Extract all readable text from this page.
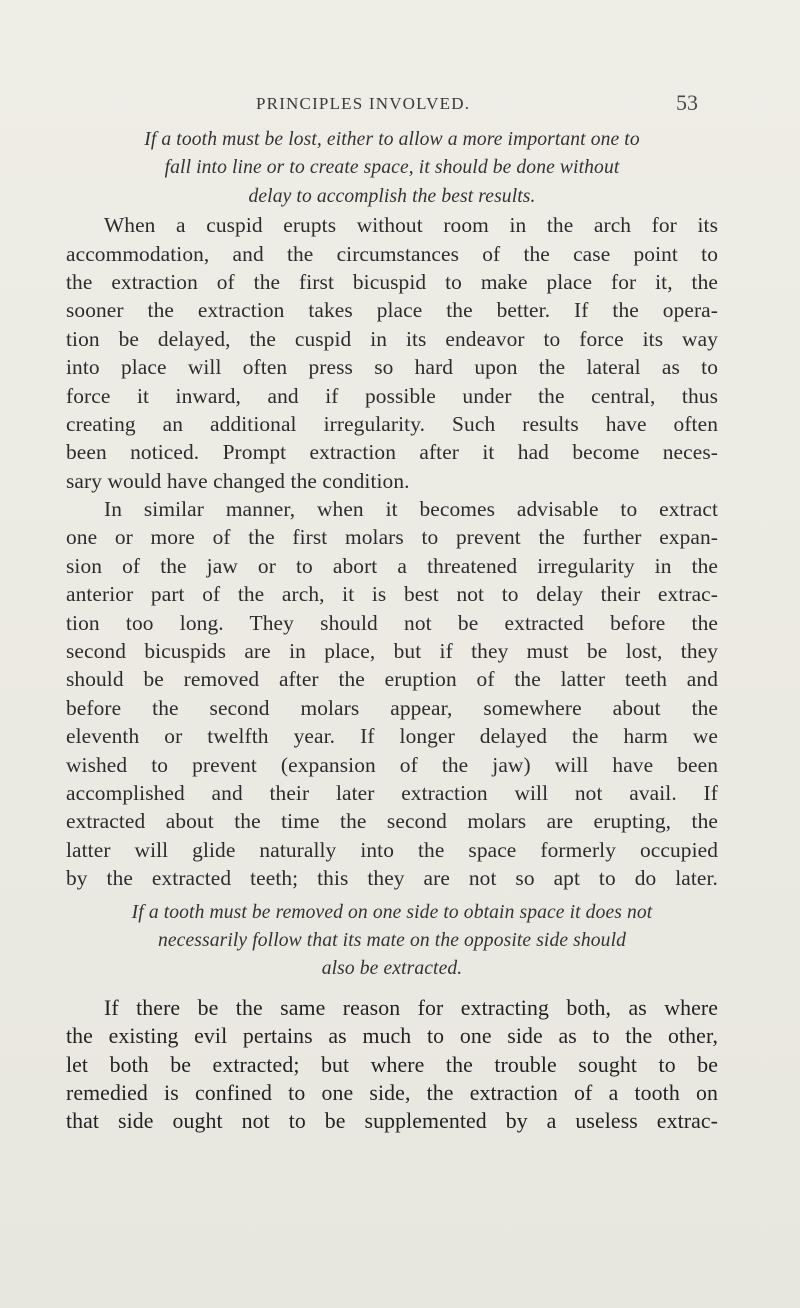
PRINCIPLES INVOLVED.	53
If a tooth must be lost, either to allow a more important one to
fall into line or to create space, it should be done without
delay to accomplish the best results.
When a cuspid erupts without room in the arch for its
accommodation, and the circumstances of the case point to
the extraction of the first bicuspid to make place for it, the
sooner the extraction takes place the better. If the opera-
tion be delayed, the cuspid in its endeavor to force its way
into place will often press so hard upon the lateral as to
force it inward, and if possible under the central, thus
creating an additional irregularity. Such results have often
been noticed. Prompt extraction after it had become neces-
sary would have changed the condition.
In similar manner, when it becomes advisable to extract
one or more of the first molars to prevent the further expan-
sion of the jaw or to abort a threatened irregularity in the
anterior part of the arch, it is best not to delay their extrac-
tion too long. They should not be extracted before the
second bicuspids are in place, but if they must be lost, they
should be removed after the eruption of the latter teeth and
before the second molars appear, somewhere about the
eleventh or twelfth year. If longer delayed the harm we
wished to prevent (expansion of the jaw) will have been
accomplished and their later extraction will not avail. If
extracted about the time the second molars are erupting, the
latter will glide naturally into the space formerly occupied
by the extracted teeth; this they are not so apt to do later.
If a tooth must be removed on one side to obtain space it does not
necessarily follow that its mate on the opposite side should
also be extracted.
If there be the same reason for extracting both, as where
the existing evil pertains as much to one side as to the other,
let both be extracted; but where the trouble sought to be
remedied is confined to one side, the extraction of a tooth on
that side ought not to be supplemented by a useless extrac-
